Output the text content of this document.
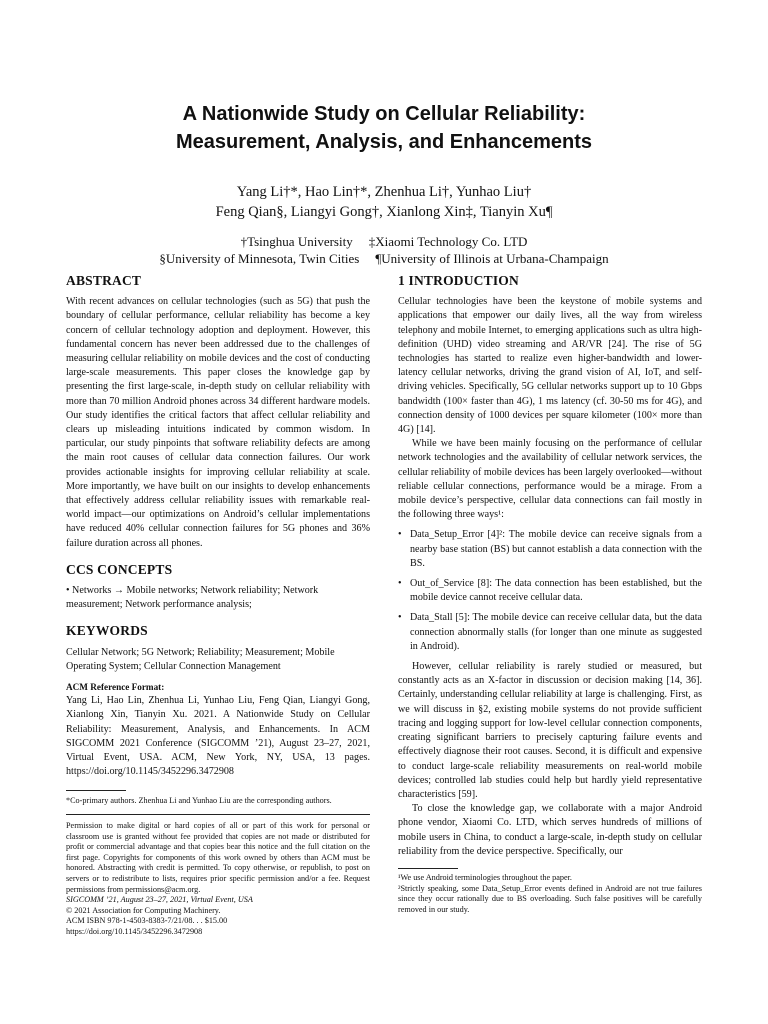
A Nationwide Study on Cellular Reliability:
Measurement, Analysis, and Enhancements
Yang Li†*, Hao Lin†*, Zhenhua Li†, Yunhao Liu†
Feng Qian§, Liangyi Gong†, Xianlong Xin‡, Tianyin Xu¶
†Tsinghua University ‡Xiaomi Technology Co. LTD
§University of Minnesota, Twin Cities ¶University of Illinois at Urbana-Champaign
ABSTRACT

With recent advances on cellular technologies (such as 5G) that push the boundary of cellular performance, cellular reliability has become a key concern of cellular technology adoption and deployment. However, this fundamental concern has never been addressed due to the challenges of measuring cellular reliability on mobile devices and the cost of conducting large-scale measurements. This paper closes the knowledge gap by presenting the first large-scale, in-depth study on cellular reliability with more than 70 million Android phones across 34 different hardware models. Our study identifies the critical factors that affect cellular reliability and clears up misleading intuitions indicated by common wisdom. In particular, our study pinpoints that software reliability defects are among the main root causes of cellular data connection failures. Our work provides actionable insights for improving cellular reliability at scale. More importantly, we have built on our insights to develop enhancements that effectively address cellular reliability issues with remarkable real-world impact—our optimizations on Android’s cellular implementations have reduced 40% cellular connection failures for 5G phones and 36% failure duration across all phones.

CCS CONCEPTS

• Networks → Mobile networks; Network reliability; Network measurement; Network performance analysis;

KEYWORDS

Cellular Network; 5G Network; Reliability; Measurement; Mobile Operating System; Cellular Connection Management

ACM Reference Format:

Yang Li, Hao Lin, Zhenhua Li, Yunhao Liu, Feng Qian, Liangyi Gong, Xianlong Xin, Tianyin Xu. 2021. A Nationwide Study on Cellular Reliability: Measurement, Analysis, and Enhancements. In ACM SIGCOMM 2021 Conference (SIGCOMM ’21), August 23–27, 2021, Virtual Event, USA. ACM, New York, NY, USA, 13 pages. https://doi.org/10.1145/3452296.3472908

*Co-primary authors. Zhenhua Li and Yunhao Liu are the corresponding authors.

Permission to make digital or hard copies of all or part of this work for personal or classroom use is granted without fee provided that copies are not made or distributed for profit or commercial advantage and that copies bear this notice and the full citation on the first page. Copyrights for components of this work owned by others than ACM must be honored. Abstracting with credit is permitted. To copy otherwise, or republish, to post on servers or to redistribute to lists, requires prior specific permission and/or a fee. Request permissions from permissions@acm.org.

SIGCOMM ’21, August 23–27, 2021, Virtual Event, USA
© 2021 Association for Computing Machinery.
ACM ISBN 978-1-4503-8383-7/21/08. . . $15.00
https://doi.org/10.1145/3452296.3472908
1 INTRODUCTION

Cellular technologies have been the keystone of mobile systems and applications that empower our daily lives, all the way from wireless telephony and mobile Internet, to emerging applications such as ultra high-definition (UHD) video streaming and AR/VR [24]. The rise of 5G technologies has started to realize even higher-bandwidth and lower-latency cellular networks, driving the grand vision of AI, IoT, and self-driving vehicles. Specifically, 5G cellular networks support up to 10 Gbps bandwidth (100× faster than 4G), 1 ms latency (cf. 30-50 ms for 4G), and connection density of 1000 devices per square kilometer (100× more than 4G) [14].

While we have been mainly focusing on the performance of cellular network technologies and the availability of cellular network services, the cellular reliability of mobile devices has been largely overlooked—without reliable cellular connections, performance would be a mirage. From a mobile device’s perspective, cellular data connections can fail mostly in the following three ways¹:

• Data_Setup_Error [4]²: The mobile device can receive signals from a nearby base station (BS) but cannot establish a data connection with the BS.
• Out_of_Service [8]: The data connection has been established, but the mobile device cannot receive cellular data.
• Data_Stall [5]: The mobile device can receive cellular data, but the data connection abnormally stalls (for longer than one minute as suggested in Android).

However, cellular reliability is rarely studied or measured, but constantly acts as an X-factor in discussion or decision making [14, 36]. Certainly, understanding cellular reliability at large is challenging. First, as we will discuss in §2, existing mobile systems do not provide sufficient tracing and logging support for low-level cellular connection components, creating significant barriers to precisely capturing failure events and effectively diagnose their root causes. Second, it is difficult and expensive to conduct large-scale reliability measurements on real-world mobile devices; controlled lab studies could help but hardly yield representative characteristics [59].

To close the knowledge gap, we collaborate with a major Android phone vendor, Xiaomi Co. LTD, which serves hundreds of millions of mobile users in China, to conduct a large-scale, in-depth study on cellular reliability from the device perspective. Specifically, our

¹We use Android terminologies throughout the paper.

²Strictly speaking, some Data_Setup_Error events defined in Android are not true failures since they occur rationally due to BS overloading. Such false positives will be carefully removed in our study.
